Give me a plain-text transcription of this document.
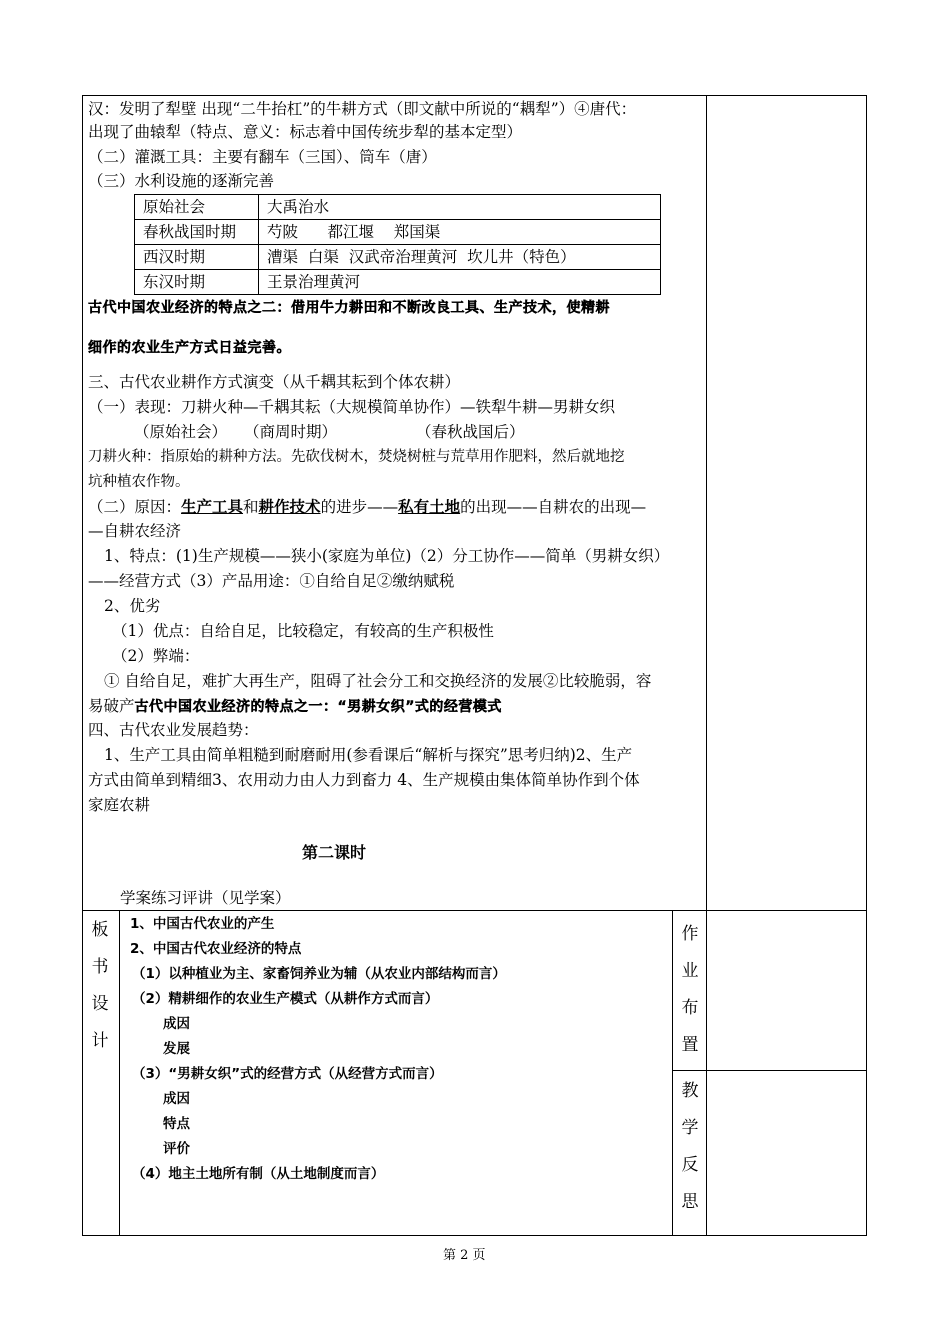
汉：发明了犁壁 出现“二牛抬杠”的牛耕方式（即文献中所说的“耦犁”）④唐代：
出现了曲辕犁（特点、意义：标志着中国传统步犁的基本定型）
（二）灌溉工具：主要有翻车（三国）、筒车（唐）
（三）水利设施的逐渐完善
原始社会	大禹治水
春秋战国时期	芍陂      都江堰    郑国渠
西汉时期	漕渠  白渠  汉武帝治理黄河  坎儿井（特色）
东汉时期	王景治理黄河
古代中国农业经济的特点之二：借用牛力耕田和不断改良工具、生产技术，使精耕
细作的农业生产方式日益完善。
三、古代农业耕作方式演变（从千耦其耘到个体农耕）
（一）表现：刀耕火种—千耦其耘（大规模简单协作）—铁犁牛耕—男耕女织
（原始社会） （商周时期）	（春秋战国后）
刀耕火种：指原始的耕种方法。先砍伐树木，焚烧树桩与荒草用作肥料，然后就地挖
坑种植农作物。
（二）原因：生产工具和耕作技术的进步——私有土地的出现——自耕农的出现—
—自耕农经济
1、特点：(1)生产规模——狭小(家庭为单位)（2）分工协作——简单（男耕女织）
——经营方式（3）产品用途：①自给自足②缴纳赋税
2、优劣
（1）优点：自给自足，比较稳定，有较高的生产积极性
（2）弊端：
① 自给自足，难扩大再生产，阻碍了社会分工和交换经济的发展②比较脆弱，容
易破产古代中国农业经济的特点之一：“男耕女织”式的经营模式
四、古代农业发展趋势：
1、生产工具由简单粗糙到耐磨耐用(参看课后“解析与探究”思考归纳)2、生产
方式由简单到精细3、农用动力由人力到畜力 4、生产规模由集体简单协作到个体
家庭农耕
第二课时
学案练习评讲（见学案）
板
书
设
计
1、中国古代农业的产生
2、中国古代农业经济的特点
（1）以种植业为主、家畜饲养业为辅（从农业内部结构而言）
（2）精耕细作的农业生产模式（从耕作方式而言）
成因
发展
（3）“男耕女织”式的经营方式（从经营方式而言）
成因
特点
评价
（4）地主土地所有制（从土地制度而言）
作
业
布
置
教
学
反
思
第 2 页
